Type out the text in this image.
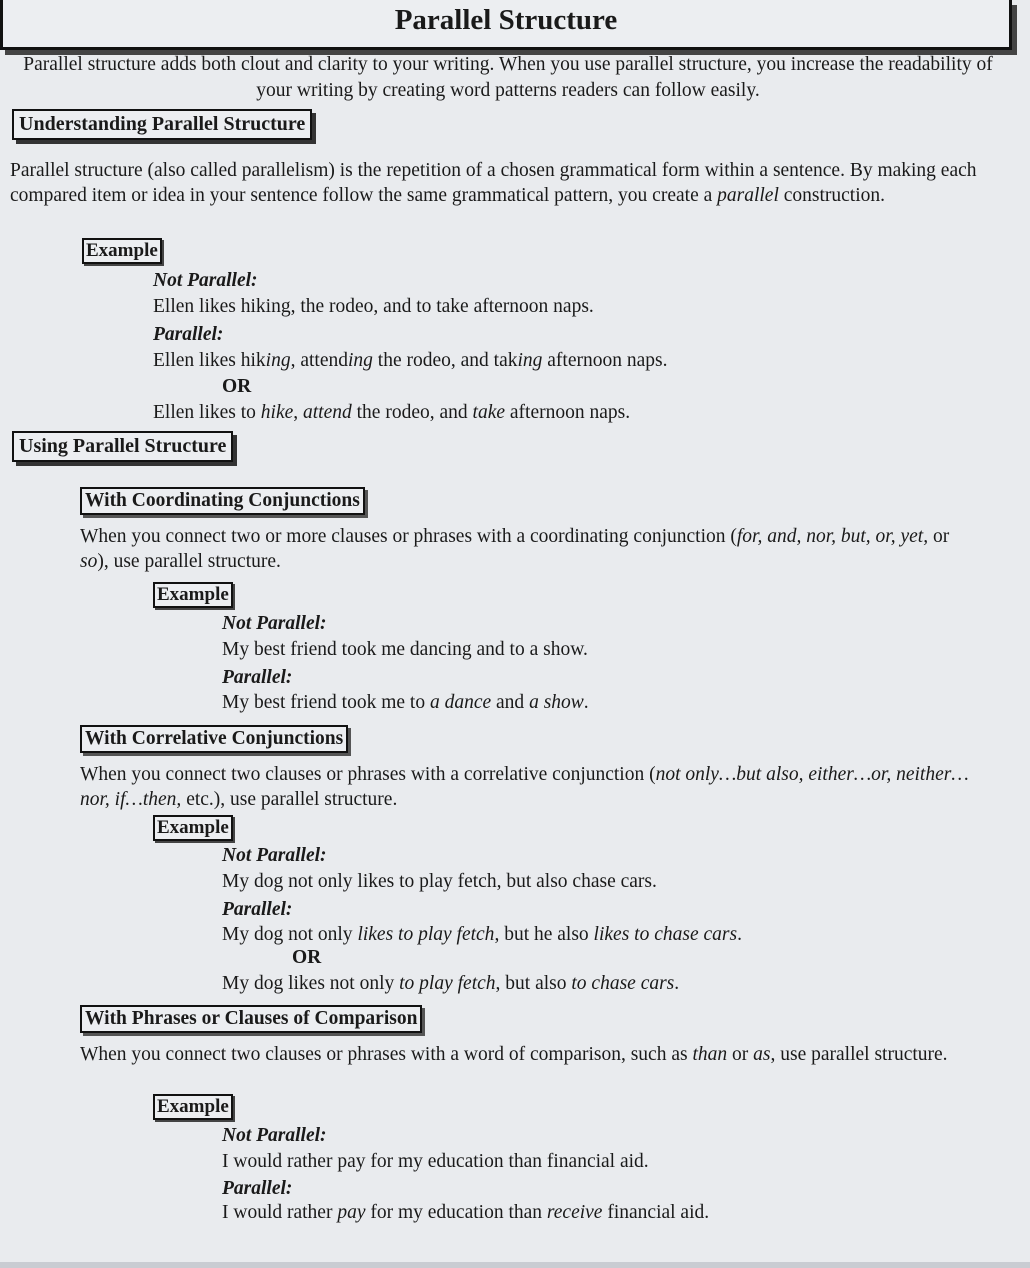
Parallel Structure
Parallel structure adds both clout and clarity to your writing. When you use parallel structure, you increase the readability of your writing by creating word patterns readers can follow easily.
Understanding Parallel Structure
Parallel structure (also called parallelism) is the repetition of a chosen grammatical form within a sentence. By making each compared item or idea in your sentence follow the same grammatical pattern, you create a parallel construction.
Example
Not Parallel:
Ellen likes hiking, the rodeo, and to take afternoon naps.
Parallel:
Ellen likes hiking, attending the rodeo, and taking afternoon naps.
OR
Ellen likes to hike, attend the rodeo, and take afternoon naps.
Using Parallel Structure
With Coordinating Conjunctions
When you connect two or more clauses or phrases with a coordinating conjunction (for, and, nor, but, or, yet, or so), use parallel structure.
Example
Not Parallel:
My best friend took me dancing and to a show.
Parallel:
My best friend took me to a dance and a show.
With Correlative Conjunctions
When you connect two clauses or phrases with a correlative conjunction (not only…but also, either…or, neither…nor, if…then, etc.), use parallel structure.
Example
Not Parallel:
My dog not only likes to play fetch, but also chase cars.
Parallel:
My dog not only likes to play fetch, but he also likes to chase cars.
OR
My dog likes not only to play fetch, but also to chase cars.
With Phrases or Clauses of Comparison
When you connect two clauses or phrases with a word of comparison, such as than or as, use parallel structure.
Example
Not Parallel:
I would rather pay for my education than financial aid.
Parallel:
I would rather pay for my education than receive financial aid.
